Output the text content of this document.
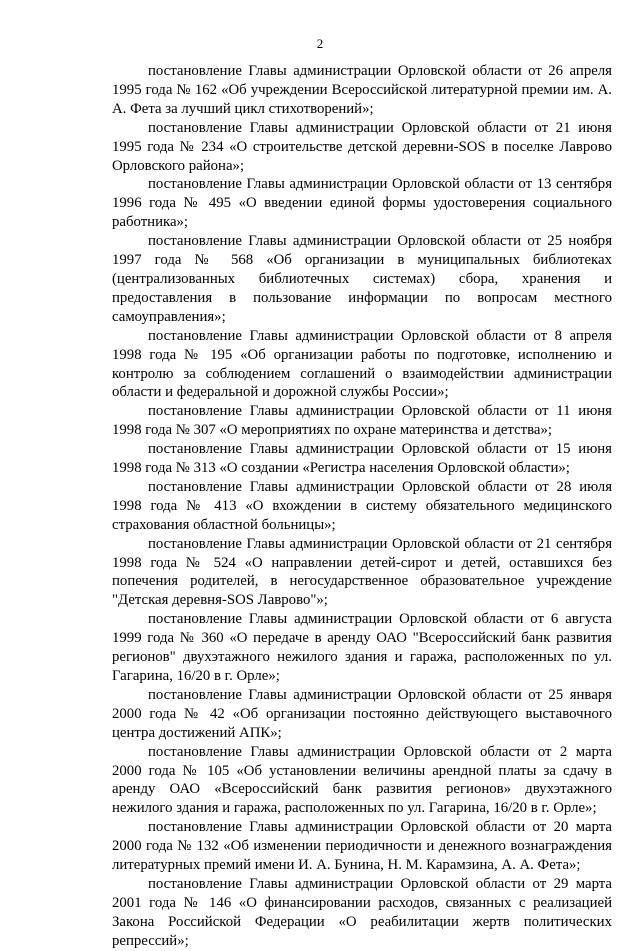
2

постановление Главы администрации Орловской области от 26 апреля 1995 года № 162 «Об учреждении Всероссийской литературной премии им. А. А. Фета за лучший цикл стихотворений»;

постановление Главы администрации Орловской области от 21 июня 1995 года № 234 «О строительстве детской деревни-SOS в поселке Лаврово Орловского района»;

постановление Главы администрации Орловской области от 13 сентября 1996 года № 495 «О введении единой формы удостоверения социального работника»;

постановление Главы администрации Орловской области от 25 ноября 1997 года № 568 «Об организации в муниципальных библиотеках (централизованных библиотечных системах) сбора, хранения и предоставления в пользование информации по вопросам местного самоуправления»;

постановление Главы администрации Орловской области от 8 апреля 1998 года № 195 «Об организации работы по подготовке, исполнению и контролю за соблюдением соглашений о взаимодействии администрации области и федеральной и дорожной службы России»;

постановление Главы администрации Орловской области от 11 июня 1998 года № 307 «О мероприятиях по охране материнства и детства»;

постановление Главы администрации Орловской области от 15 июня 1998 года № 313 «О создании «Регистра населения Орловской области»;

постановление Главы администрации Орловской области от 28 июля 1998 года № 413 «О вхождении в систему обязательного медицинского страхования областной больницы»;

постановление Главы администрации Орловской области от 21 сентября 1998 года № 524 «О направлении детей-сирот и детей, оставшихся без попечения родителей, в негосударственное образовательное учреждение "Детская деревня-SOS Лаврово"»;

постановление Главы администрации Орловской области от 6 августа 1999 года № 360 «О передаче в аренду ОАО "Всероссийский банк развития регионов" двухэтажного нежилого здания и гаража, расположенных по ул. Гагарина, 16/20 в г. Орле»;

постановление Главы администрации Орловской области от 25 января 2000 года № 42 «Об организации постоянно действующего выставочного центра достижений АПК»;

постановление Главы администрации Орловской области от 2 марта 2000 года № 105 «Об установлении величины арендной платы за сдачу в аренду ОАО «Всероссийский банк развития регионов» двухэтажного нежилого здания и гаража, расположенных по ул. Гагарина, 16/20 в г. Орле»;

постановление Главы администрации Орловской области от 20 марта 2000 года № 132 «Об изменении периодичности и денежного вознаграждения литературных премий имени И. А. Бунина, Н. М. Карамзина, А. А. Фета»;

постановление Главы администрации Орловской области от 29 марта 2001 года № 146 «О финансировании расходов, связанных с реализацией Закона Российской Федерации «О реабилитации жертв политических репрессий»;
